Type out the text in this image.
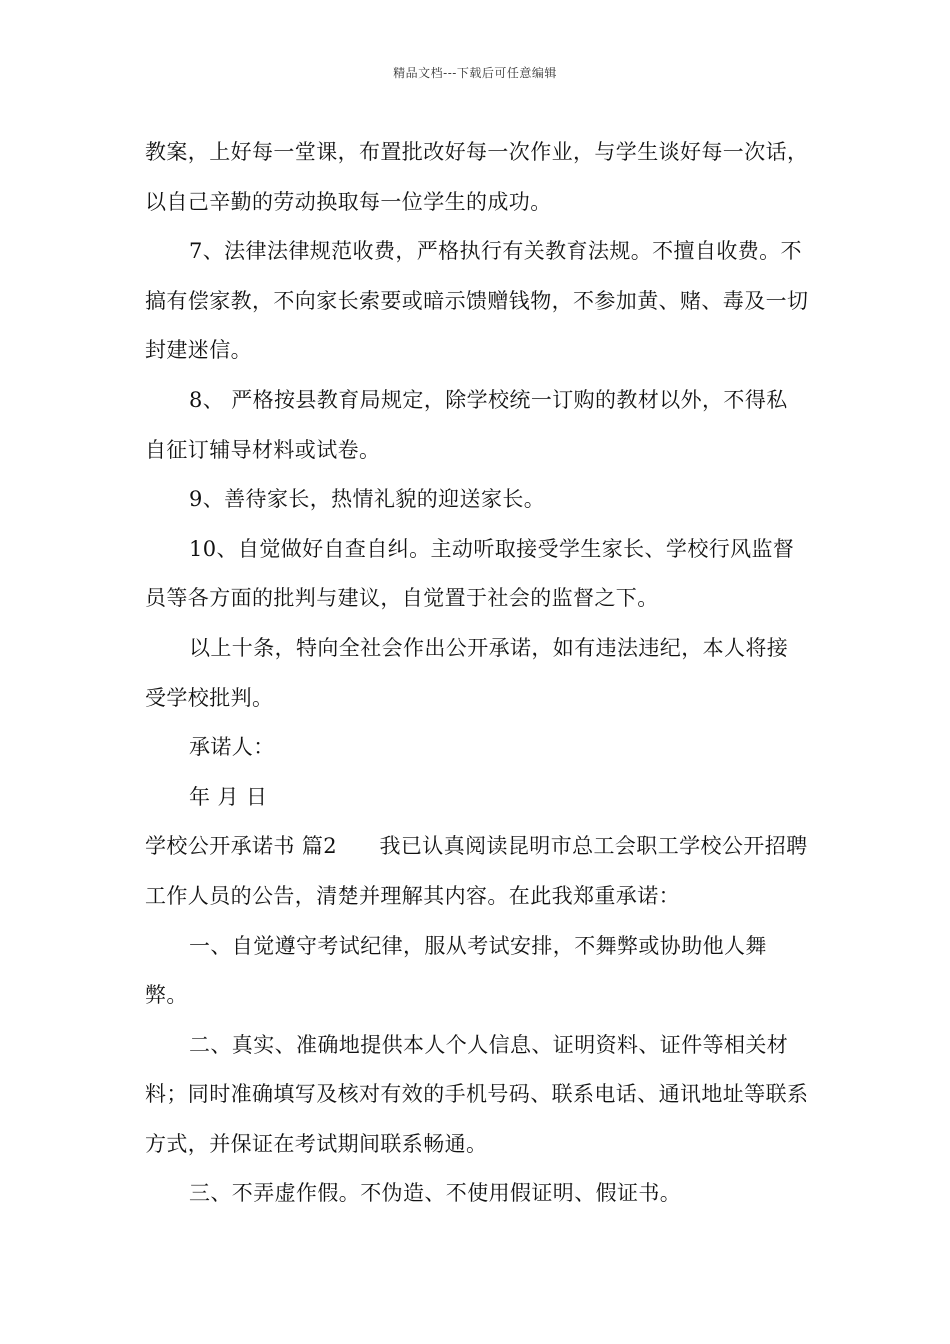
精品文档---下载后可任意编辑

教案，上好每一堂课，布置批改好每一次作业，与学生谈好每一次话，以自己辛勤的劳动换取每一位学生的成功。

7、法律法律规范收费，严格执行有关教育法规。不擅自收费。不搞有偿家教，不向家长索要或暗示馈赠钱物，不参加黄、赌、毒及一切封建迷信。

8、 严格按县教育局规定，除学校统一订购的教材以外，不得私自征订辅导材料或试卷。

9、善待家长，热情礼貌的迎送家长。

10、自觉做好自查自纠。主动听取接受学生家长、学校行风监督员等各方面的批判与建议，自觉置于社会的监督之下。

以上十条，特向全社会作出公开承诺，如有违法违纪，本人将接受学校批判。

承诺人：

年 月 日

学校公开承诺书 篇2 我已认真阅读昆明市总工会职工学校公开招聘工作人员的公告，清楚并理解其内容。在此我郑重承诺：

一、自觉遵守考试纪律，服从考试安排，不舞弊或协助他人舞弊。

二、真实、准确地提供本人个人信息、证明资料、证件等相关材料；同时准确填写及核对有效的手机号码、联系电话、通讯地址等联系方式，并保证在考试期间联系畅通。

三、不弄虚作假。不伪造、不使用假证明、假证书。
